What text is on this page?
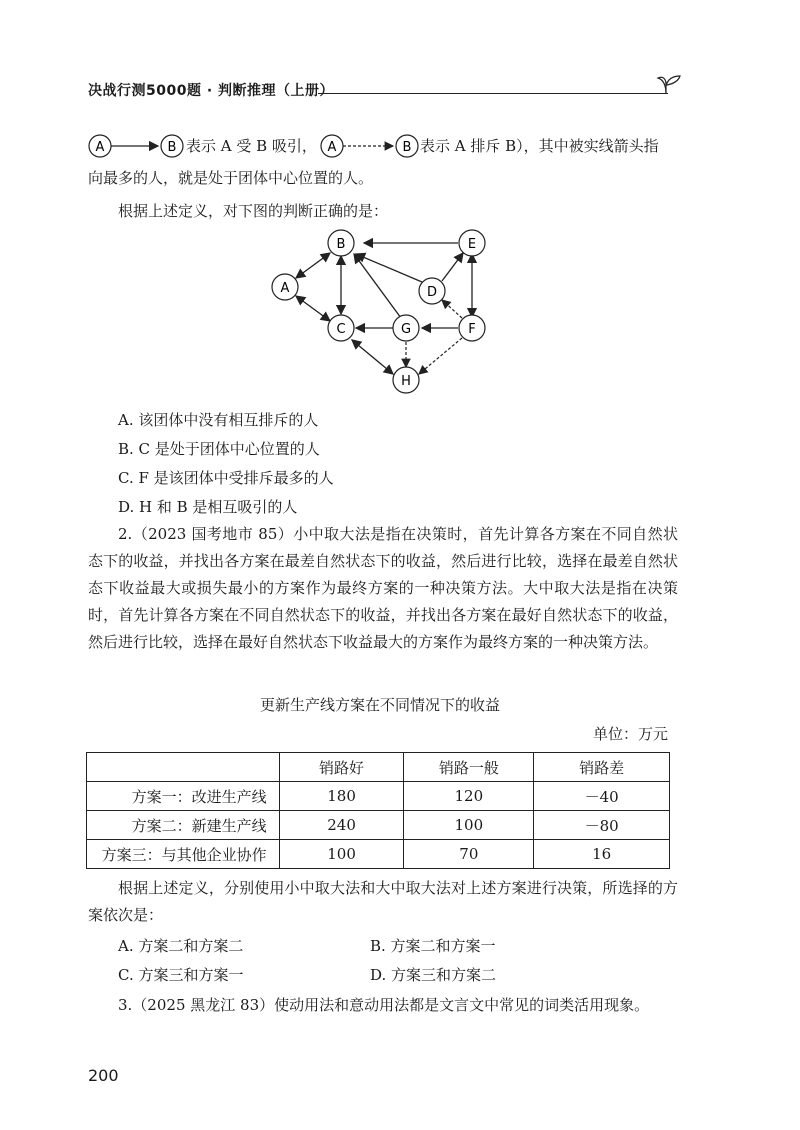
决战行测5000题 · 判断推理（上册）
A	B 表示 A 受 B 吸引， A	B 表示 A 排斥 B），其中被实线箭头指
向最多的人，就是处于团体中心位置的人。
根据上述定义，对下图的判断正确的是：
B	E
A	D
C	G	F
H
A. 该团体中没有相互排斥的人
B. C 是处于团体中心位置的人
C. F 是该团体中受排斥最多的人
D. H 和 B 是相互吸引的人
2.（2023 国考地市 85）小中取大法是指在决策时，首先计算各方案在不同自然状态下的收益，并找出各方案在最差自然状态下的收益，然后进行比较，选择在最差自然状态下收益最大或损失最小的方案作为最终方案的一种决策方法。大中取大法是指在决策时，首先计算各方案在不同自然状态下的收益，并找出各方案在最好自然状态下的收益，然后进行比较，选择在最好自然状态下收益最大的方案作为最终方案的一种决策方法。
更新生产线方案在不同情况下的收益
单位：万元
	销路好	销路一般	销路差
方案一：改进生产线	180	120	－40
方案二：新建生产线	240	100	－80
方案三：与其他企业协作	100	70	16
根据上述定义，分别使用小中取大法和大中取大法对上述方案进行决策，所选择的方案依次是：
A. 方案二和方案二	B. 方案二和方案一
C. 方案三和方案一	D. 方案三和方案二
3.（2025 黑龙江 83）使动用法和意动用法都是文言文中常见的词类活用现象。
200
